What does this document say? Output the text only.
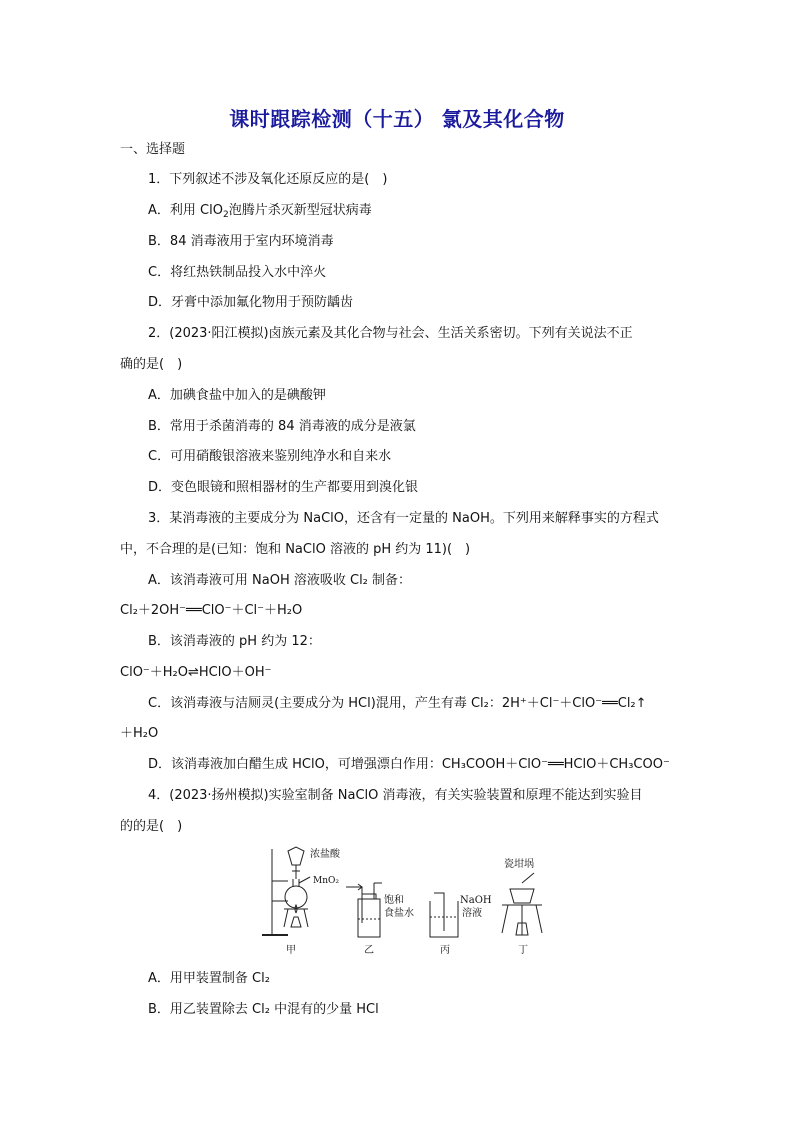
课时跟踪检测（十五） 氯及其化合物
一、选择题
1．下列叙述不涉及氧化还原反应的是(　)
A．利用 ClO$_2$泡腾片杀灭新型冠状病毒
B．84 消毒液用于室内环境消毒
C．将红热铁制品投入水中淬火
D．牙膏中添加氟化物用于预防龋齿
2．(2023·阳江模拟)卤族元素及其化合物与社会、生活关系密切。下列有关说法不正
确的是(　)
A．加碘食盐中加入的是碘酸钾
B．常用于杀菌消毒的 84 消毒液的成分是液氯
C．可用硝酸银溶液来鉴别纯净水和自来水
D．变色眼镜和照相器材的生产都要用到溴化银
3．某消毒液的主要成分为 NaClO，还含有一定量的 NaOH。下列用来解释事实的方程式
中，不合理的是(已知：饱和 NaClO 溶液的 pH 约为 11)(　)
A．该消毒液可用 NaOH 溶液吸收 Cl₂ 制备：
Cl₂＋2OH⁻══ClO⁻＋Cl⁻＋H₂O
B．该消毒液的 pH 约为 12：
ClO⁻＋H₂O⇌HClO＋OH⁻
C．该消毒液与洁厕灵(主要成分为 HCl)混用，产生有毒 Cl₂：2H⁺＋Cl⁻＋ClO⁻══Cl₂↑
＋H₂O
D．该消毒液加白醋生成 HClO，可增强漂白作用：CH₃COOH＋ClO⁻══HClO＋CH₃COO⁻
4．(2023·扬州模拟)实验室制备 NaClO 消毒液，有关实验装置和原理不能达到实验目
的的是(　)
浓盐酸
MnO₂
饱和
食盐水
NaOH
溶液
瓷坩埚
甲	乙	丙	丁
A．用甲装置制备 Cl₂
B．用乙装置除去 Cl₂ 中混有的少量 HCl
